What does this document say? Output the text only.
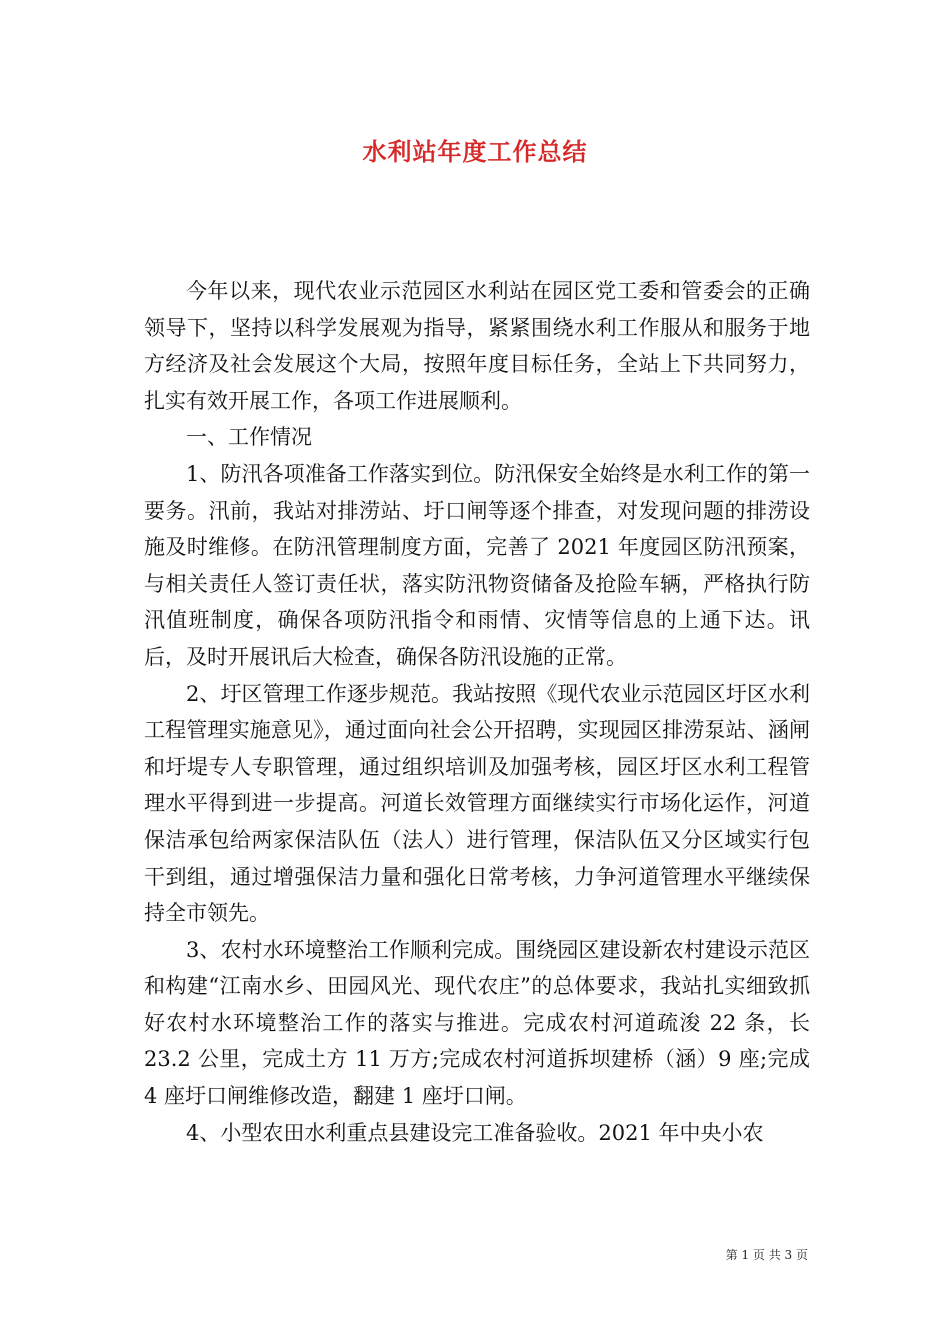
水利站年度工作总结

今年以来，现代农业示范园区水利站在园区党工委和管委会的正确领导下，坚持以科学发展观为指导，紧紧围绕水利工作服从和服务于地方经济及社会发展这个大局，按照年度目标任务，全站上下共同努力，扎实有效开展工作，各项工作进展顺利。

一、工作情况

1、防汛各项准备工作落实到位。防汛保安全始终是水利工作的第一要务。汛前，我站对排涝站、圩口闸等逐个排查，对发现问题的排涝设施及时维修。在防汛管理制度方面，完善了 2021 年度园区防汛预案，与相关责任人签订责任状，落实防汛物资储备及抢险车辆，严格执行防汛值班制度，确保各项防汛指令和雨情、灾情等信息的上通下达。讯后，及时开展讯后大检查，确保各防汛设施的正常。

2、圩区管理工作逐步规范。我站按照《现代农业示范园区圩区水利工程管理实施意见》，通过面向社会公开招聘，实现园区排涝泵站、涵闸和圩堤专人专职管理，通过组织培训及加强考核，园区圩区水利工程管理水平得到进一步提高。河道长效管理方面继续实行市场化运作，河道保洁承包给两家保洁队伍（法人）进行管理，保洁队伍又分区域实行包干到组，通过增强保洁力量和强化日常考核，力争河道管理水平继续保持全市领先。

3、农村水环境整治工作顺利完成。围绕园区建设新农村建设示范区和构建“江南水乡、田园风光、现代农庄”的总体要求，我站扎实细致抓好农村水环境整治工作的落实与推进。完成农村河道疏浚 22 条，长 23.2 公里，完成土方 11 万方;完成农村河道拆坝建桥（涵）9 座;完成 4 座圩口闸维修改造，翻建 1 座圩口闸。

4、小型农田水利重点县建设完工准备验收。2021 年中央小农

第 1 页 共 3 页
